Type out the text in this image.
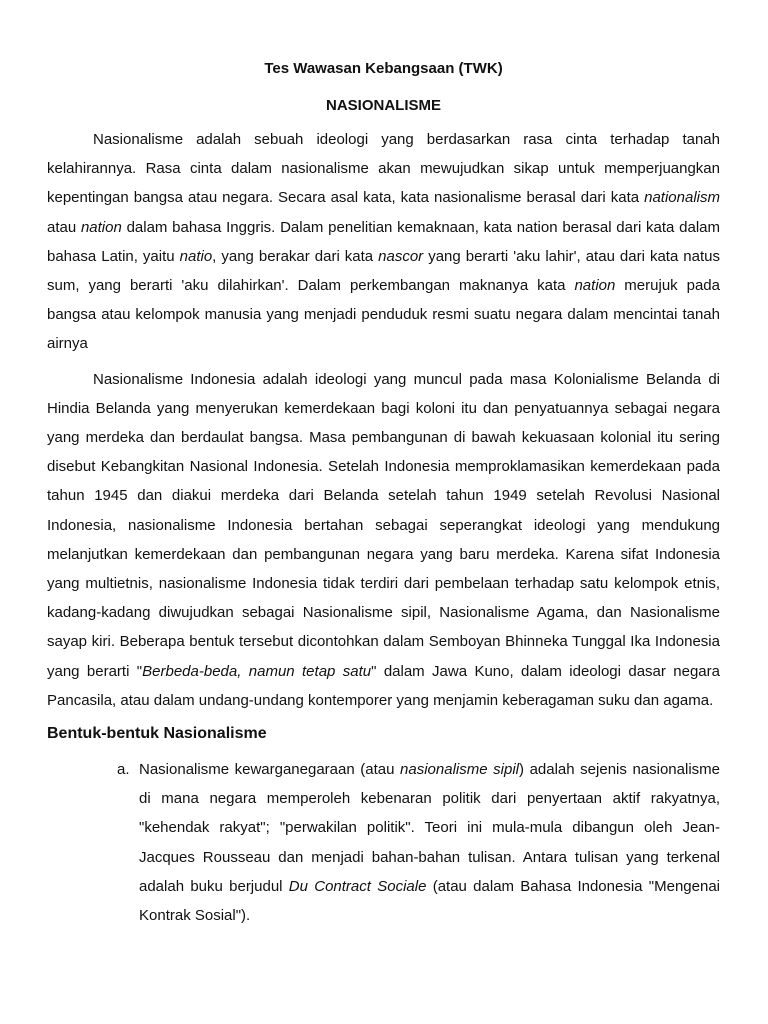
Tes Wawasan Kebangsaan (TWK)
NASIONALISME

Nasionalisme adalah sebuah ideologi yang berdasarkan rasa cinta terhadap tanah kelahirannya. Rasa cinta dalam nasionalisme akan mewujudkan sikap untuk memperjuangkan kepentingan bangsa atau negara. Secara asal kata, kata nasionalisme berasal dari kata nationalism atau nation dalam bahasa Inggris. Dalam penelitian kemaknaan, kata nation berasal dari kata dalam bahasa Latin, yaitu natio, yang berakar dari kata nascor yang berarti 'aku lahir', atau dari kata natus sum, yang berarti 'aku dilahirkan'. Dalam perkembangan maknanya kata nation merujuk pada bangsa atau kelompok manusia yang menjadi penduduk resmi suatu negara dalam mencintai tanah airnya

Nasionalisme Indonesia adalah ideologi yang muncul pada masa Kolonialisme Belanda di Hindia Belanda yang menyerukan kemerdekaan bagi koloni itu dan penyatuannya sebagai negara yang merdeka dan berdaulat bangsa. Masa pembangunan di bawah kekuasaan kolonial itu sering disebut Kebangkitan Nasional Indonesia. Setelah Indonesia memproklamasikan kemerdekaan pada tahun 1945 dan diakui merdeka dari Belanda setelah tahun 1949 setelah Revolusi Nasional Indonesia, nasionalisme Indonesia bertahan sebagai seperangkat ideologi yang mendukung melanjutkan kemerdekaan dan pembangunan negara yang baru merdeka. Karena sifat Indonesia yang multietnis, nasionalisme Indonesia tidak terdiri dari pembelaan terhadap satu kelompok etnis, kadang-kadang diwujudkan sebagai Nasionalisme sipil, Nasionalisme Agama, dan Nasionalisme sayap kiri. Beberapa bentuk tersebut dicontohkan dalam Semboyan Bhinneka Tunggal Ika Indonesia yang berarti "Berbeda-beda, namun tetap satu" dalam Jawa Kuno, dalam ideologi dasar negara Pancasila, atau dalam undang-undang kontemporer yang menjamin keberagaman suku dan agama.

Bentuk-bentuk Nasionalisme
a. Nasionalisme kewarganegaraan (atau nasionalisme sipil) adalah sejenis nasionalisme di mana negara memperoleh kebenaran politik dari penyertaan aktif rakyatnya, "kehendak rakyat"; "perwakilan politik". Teori ini mula-mula dibangun oleh Jean-Jacques Rousseau dan menjadi bahan-bahan tulisan. Antara tulisan yang terkenal adalah buku berjudul Du Contract Sociale (atau dalam Bahasa Indonesia "Mengenai Kontrak Sosial").
